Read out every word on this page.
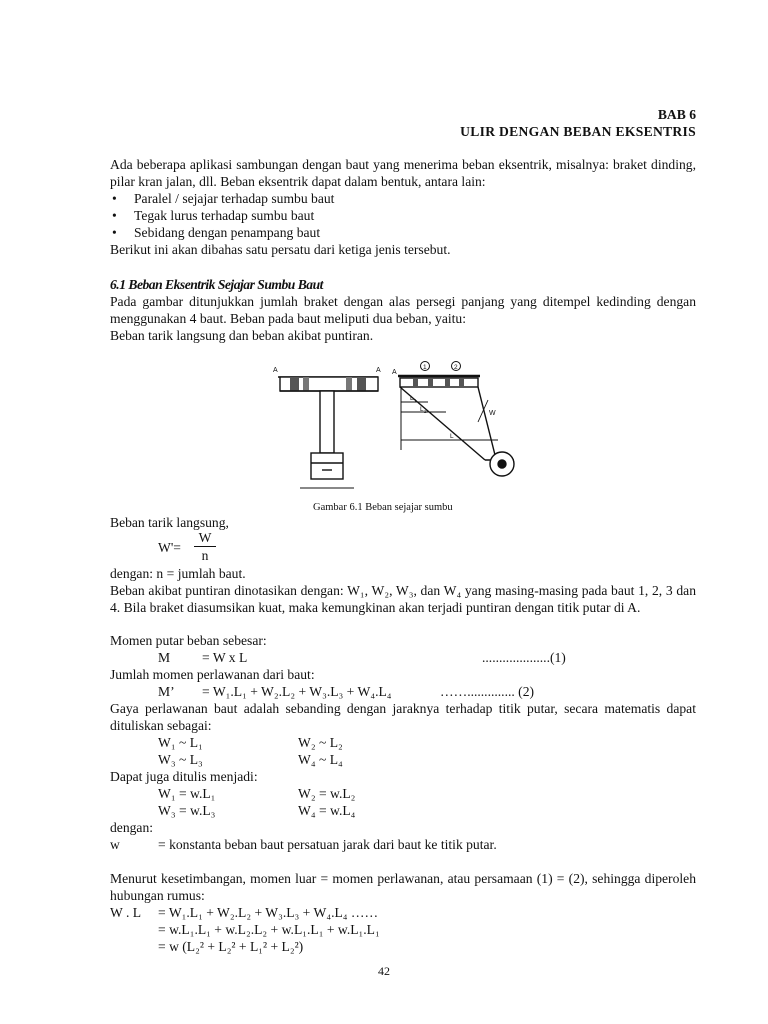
BAB 6
ULIR DENGAN BEBAN EKSENTRIS
Ada beberapa aplikasi sambungan dengan baut yang menerima beban eksentrik, misalnya: braket dinding, pilar kran jalan, dll. Beban eksentrik dapat dalam bentuk, antara lain:
• Paralel / sejajar terhadap sumbu baut
• Tegak lurus terhadap sumbu baut
• Sebidang dengan penampang baut
Berikut ini akan dibahas satu persatu dari ketiga jenis tersebut.
6.1 Beban Eksentrik Sejajar Sumbu Baut
Pada gambar ditunjukkan jumlah braket dengan alas persegi panjang yang ditempel kedinding dengan menggunakan 4 baut. Beban pada baut meliputi dua beban, yaitu:
Beban tarik langsung dan beban akibat puntiran.
A	A A
1	2
L 1
L 2
L
W
Gambar 6.1 Beban sejajar sumbu
Beban tarik langsung,
$W'= \frac{W}{n}$
dengan: n = jumlah baut.
Beban akibat puntiran dinotasikan dengan: W₁, W₂, W₃, dan W₄ yang masing-masing pada baut 1, 2, 3 dan 4. Bila braket diasumsikan kuat, maka kemungkinan akan terjadi puntiran dengan titik putar di A.
Momen putar beban sebesar:
M = W x L	....................(1)
Jumlah momen perlawanan dari baut:
M’ = W₁.L₁ + W₂.L₂ + W₃.L₃ + W₄.L₄	…….............. (2)
Gaya perlawanan baut adalah sebanding dengan jaraknya terhadap titik putar, secara matematis dapat dituliskan sebagai:
W₁ ~ L₁	W₂ ~ L₂
W₃ ~ L₃	W₄ ~ L₄
Dapat juga ditulis menjadi:
W₁ = w.L₁	W₂ = w.L₂
W₃ = w.L₃	W₄ = w.L₄
dengan:
w	= konstanta beban baut persatuan jarak dari baut ke titik putar.
Menurut kesetimbangan, momen luar = momen perlawanan, atau persamaan (1) = (2), sehingga diperoleh hubungan rumus:
W . L = W₁.L₁ + W₂.L₂ + W₃.L₃ + W₄.L₄ ……
= w.L₁.L₁ + w.L₂.L₂ + w.L₁.L₁ + w.L₁.L₁
= w (L₂² + L₂² + L₁² + L₂²)
42
